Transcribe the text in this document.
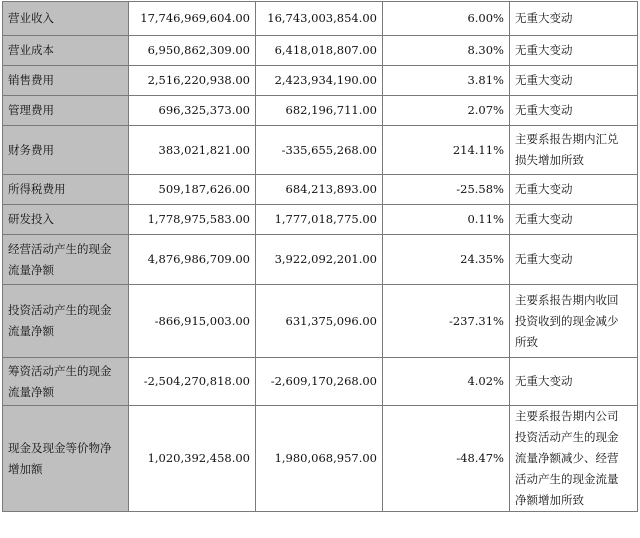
营业收入	17,746,969,604.00	16,743,003,854.00	6.00%	无重大变动

营业成本	6,950,862,309.00	6,418,018,807.00	8.30%	无重大变动

销售费用	2,516,220,938.00	2,423,934,190.00	3.81%	无重大变动

管理费用	696,325,373.00	682,196,711.00	2.07%	无重大变动

财务费用	383,021,821.00	-335,655,268.00	214.11%	主要系报告期内汇兑
损失增加所致

所得税费用	509,187,626.00	684,213,893.00	-25.58%	无重大变动

研发投入	1,778,975,583.00	1,777,018,775.00	0.11%	无重大变动

经营活动产生的现金
流量净额	4,876,986,709.00	3,922,092,201.00	24.35%	无重大变动

投资活动产生的现金
流量净额	-866,915,003.00	631,375,096.00	-237.31%	主要系报告期内收回
投资收到的现金减少
所致

筹资活动产生的现金
流量净额	-2,504,270,818.00	-2,609,170,268.00	4.02%	无重大变动

现金及现金等价物净
增加额	1,020,392,458.00	1,980,068,957.00	-48.47%	主要系报告期内公司
投资活动产生的现金
流量净额减少、经营
活动产生的现金流量
净额增加所致
